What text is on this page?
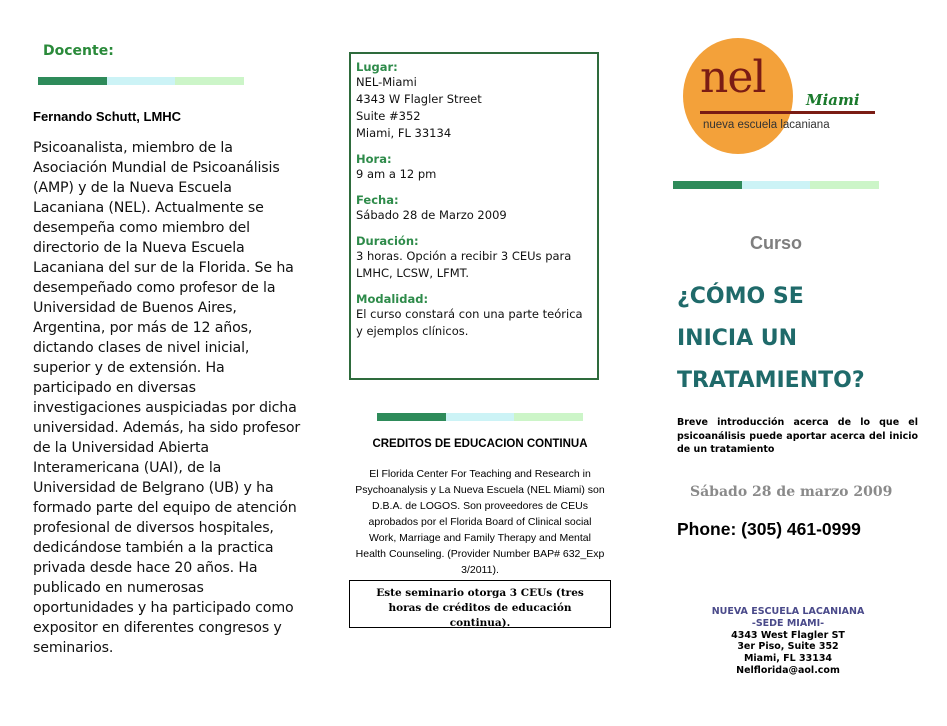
Docente:
Fernando Schutt, LMHC
Psicoanalista, miembro de la Asociación Mundial de Psicoanálisis (AMP) y de la Nueva Escuela Lacaniana (NEL). Actualmente se desempeña como miembro del directorio de la Nueva Escuela Lacaniana del sur de la Florida. Se ha desempeñado como profesor de la Universidad de Buenos Aires, Argentina, por más de 12 años, dictando clases de nivel inicial, superior y de extensión. Ha participado en diversas investigaciones auspiciadas por dicha universidad. Además, ha sido profesor de la Universidad Abierta Interamericana (UAI), de la Universidad de Belgrano (UB) y ha formado parte del equipo de atención profesional de diversos hospitales, dedicándose también a la practica privada desde hace 20 años. Ha publicado en numerosas oportunidades y ha participado como expositor en diferentes congresos y seminarios.
Lugar:
NEL-Miami
4343 W Flagler Street
Suite #352
Miami, FL 33134
Hora:
9 am a 12 pm
Fecha:
Sábado 28 de Marzo 2009
Duración:
3 horas. Opción a recibir 3 CEUs para LMHC, LCSW, LFMT.
Modalidad:
El curso constará con una parte teórica y ejemplos clínicos.
CREDITOS DE EDUCACION CONTINUA
El Florida Center For Teaching and Research in Psychoanalysis y La Nueva Escuela (NEL Miami) son D.B.A. de LOGOS. Son proveedores de CEUs aprobados por el Florida Board of Clinical social Work, Marriage and Family Therapy and Mental Health Counseling. (Provider Number BAP# 632_Exp 3/2011).
Este seminario otorga 3 CEUs (tres horas de créditos de educación continua).
nel	Miami
nueva escuela lacaniana
Curso
¿CÓMO SE
INICIA UN
TRATAMIENTO?
Breve introducción acerca de lo que el psicoanálisis puede aportar acerca del inicio de un tratamiento
Sábado 28 de marzo 2009
Phone: (305) 461-0999
NUEVA ESCUELA LACANIANA
-SEDE MIAMI-
4343 West Flagler ST
3er Piso, Suite 352
Miami, FL 33134
Nelflorida@aol.com
